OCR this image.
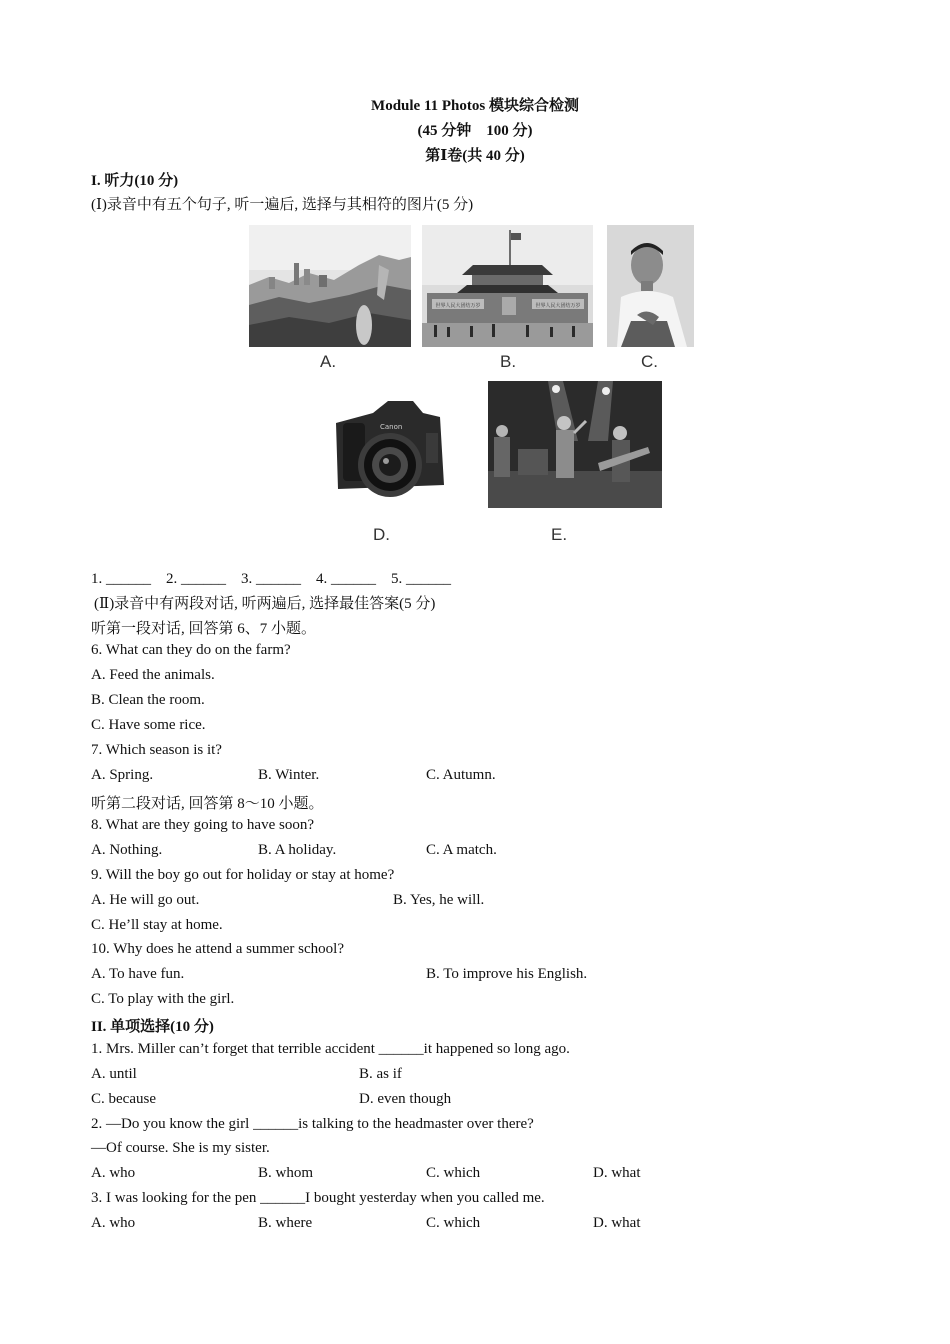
Module 11 Photos 模块综合检测
(45 分钟　100 分)
第Ⅰ卷(共 40 分)
I. 听力(10 分)
(Ⅰ)录音中有五个句子, 听一遍后, 选择与其相符的图片(5 分)
A.
世界人民大团结万岁	世界人民大团结万岁
B.	C.
Canon
D.	E.
1. ______　2. ______　3. ______　4. ______　5. ______
(Ⅱ)录音中有两段对话, 听两遍后, 选择最佳答案(5 分)
听第一段对话, 回答第 6、7 小题。
6. What can they do on the farm?
A. Feed the animals.
B. Clean the room.
C. Have some rice.
7. Which season is it?
A. Spring.	B. Winter.	C. Autumn.
听第二段对话, 回答第 8～10 小题。
8. What are they going to have soon?
A. Nothing.	B. A holiday.	C. A match.
9. Will the boy go out for holiday or stay at home?
A. He will go out.	B. Yes, he will.
C. He’ll stay at home.
10. Why does he attend a summer school?
A. To have fun.	B. To improve his English.
C. To play with the girl.
II. 单项选择(10 分)
1. Mrs. Miller can’t forget that terrible accident ______it happened so long ago.
A. until	B. as if
C. because	D. even though
2. —Do you know the girl ______is talking to the headmaster over there?
—Of course. She is my sister.
A. who	B. whom	C. which	D. what
3. I was looking for the pen ______I bought yesterday when you called me.
A. who	B. where	C. which	D. what
